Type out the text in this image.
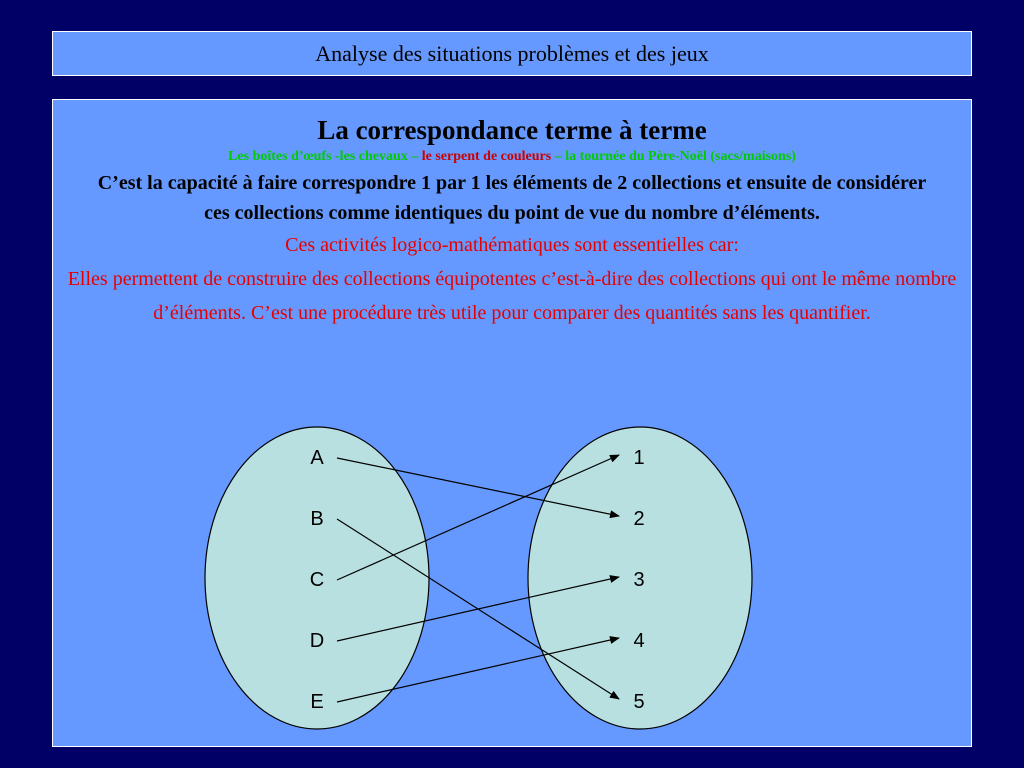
Analyse des situations problèmes et des jeux
La correspondance terme à terme
Les boîtes d’œufs -les chevaux – le serpent de couleurs – la tournée du Père-Noël (sacs/maisons)
C’est la capacité à faire correspondre 1 par 1 les éléments de 2 collections et ensuite de considérer ces collections comme identiques du point de vue du nombre d’éléments.
Ces activités logico-mathématiques sont essentielles car:
Elles permettent de construire des collections équipotentes c’est-à-dire des collections qui ont le même nombre d’éléments. C’est une procédure très utile pour comparer des quantités sans les quantifier.
A
B
C
D
E
1
2
3
4
5
